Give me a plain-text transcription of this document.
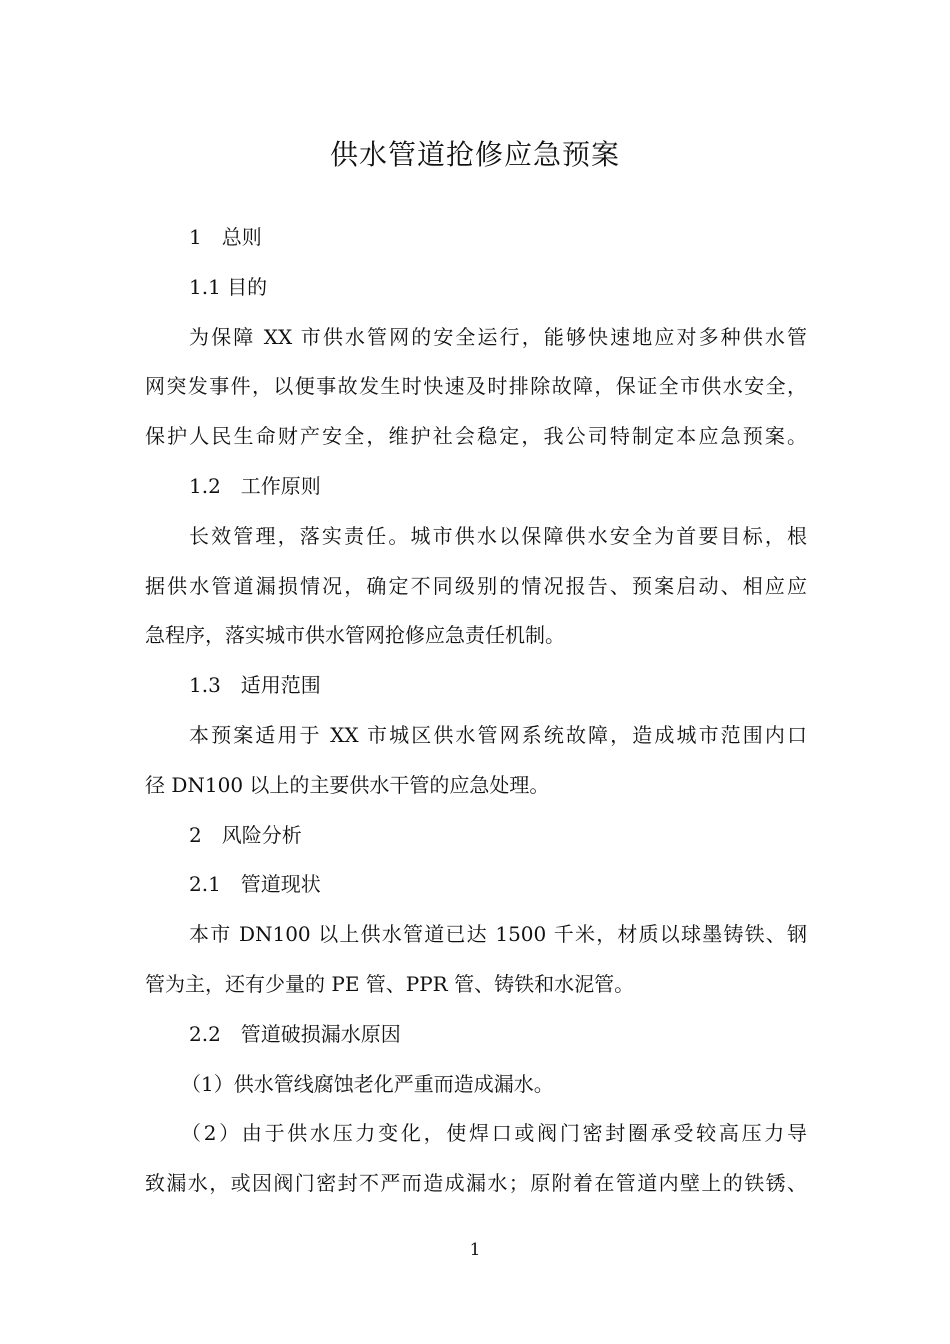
供水管道抢修应急预案
1　总则
1.1 目的
为保障 XX 市供水管网的安全运行，能够快速地应对多种供水管
网突发事件，以便事故发生时快速及时排除故障，保证全市供水安全，
保护人民生命财产安全，维护社会稳定，我公司特制定本应急预案。
1.2　工作原则
长效管理，落实责任。城市供水以保障供水安全为首要目标，根
据供水管道漏损情况，确定不同级别的情况报告、预案启动、相应应
急程序，落实城市供水管网抢修应急责任机制。
1.3　适用范围
本预案适用于 XX 市城区供水管网系统故障，造成城市范围内口
径 DN100 以上的主要供水干管的应急处理。
2　风险分析
2.1　管道现状
本市 DN100 以上供水管道已达 1500 千米，材质以球墨铸铁、钢
管为主，还有少量的 PE 管、PPR 管、铸铁和水泥管。
2.2　管道破损漏水原因
（1）供水管线腐蚀老化严重而造成漏水。
（2）由于供水压力变化，使焊口或阀门密封圈承受较高压力导
致漏水，或因阀门密封不严而造成漏水；原附着在管道内壁上的铁锈、
1
